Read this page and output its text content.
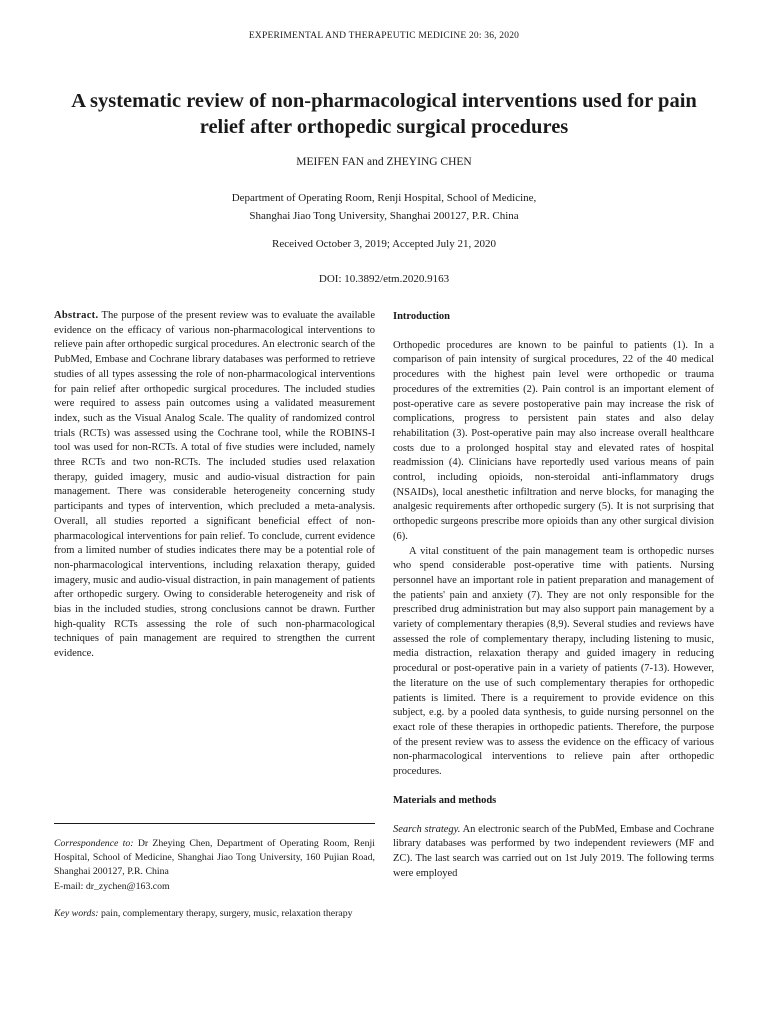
EXPERIMENTAL AND THERAPEUTIC MEDICINE 20: 36, 2020
A systematic review of non-pharmacological interventions used for pain relief after orthopedic surgical procedures
MEIFEN FAN and ZHEYING CHEN
Department of Operating Room, Renji Hospital, School of Medicine,
Shanghai Jiao Tong University, Shanghai 200127, P.R. China
Received October 3, 2019; Accepted July 21, 2020
DOI: 10.3892/etm.2020.9163

Abstract. The purpose of the present review was to evaluate the available evidence on the efficacy of various non-pharmacological interventions to relieve pain after orthopedic surgical procedures. An electronic search of the PubMed, Embase and Cochrane library databases was performed to retrieve studies of all types assessing the role of non-pharmacological interventions for pain relief after orthopedic surgical procedures. The included studies were required to assess pain outcomes using a validated measurement index, such as the Visual Analog Scale. The quality of randomized control trials (RCTs) was assessed using the Cochrane tool, while the ROBINS-I tool was used for non-RCTs. A total of five studies were included, namely three RCTs and two non-RCTs. The included studies used relaxation therapy, guided imagery, music and audio-visual distraction for pain management. There was considerable heterogeneity concerning study participants and types of intervention, which precluded a meta-analysis. Overall, all studies reported a significant beneficial effect of non-pharmacological interventions for pain relief. To conclude, current evidence from a limited number of studies indicates there may be a potential role of non-pharmacological interventions, including relaxation therapy, guided imagery, music and audio-visual distraction, in pain management of patients after orthopedic surgery. Owing to considerable heterogeneity and risk of bias in the included studies, strong conclusions cannot be drawn. Further high-quality RCTs assessing the role of such non-pharmacological techniques of pain management are required to strengthen the current evidence.

Correspondence to: Dr Zheying Chen, Department of Operating Room, Renji Hospital, School of Medicine, Shanghai Jiao Tong University, 160 Pujian Road, Shanghai 200127, P.R. China
E-mail: dr_zychen@163.com
Key words: pain, complementary therapy, surgery, music, relaxation therapy

Introduction

Orthopedic procedures are known to be painful to patients (1). In a comparison of pain intensity of surgical procedures, 22 of the 40 medical procedures with the highest pain level were orthopedic or trauma procedures of the extremities (2). Pain control is an important element of post-operative care as severe postoperative pain may increase the risk of complications, progress to persistent pain states and also delay rehabilitation (3). Post-operative pain may also increase overall healthcare costs due to a prolonged hospital stay and elevated rates of hospital readmission (4). Clinicians have reportedly used various means of pain control, including opioids, non-steroidal anti-inflammatory drugs (NSAIDs), local anesthetic infiltration and nerve blocks, for managing the analgesic requirements after orthopedic surgery (5). It is not surprising that orthopedic surgeons prescribe more opioids than any other surgical division (6).

A vital constituent of the pain management team is orthopedic nurses who spend considerable post-operative time with patients. Nursing personnel have an important role in patient preparation and management of the patients' pain and anxiety (7). They are not only responsible for the prescribed drug administration but may also support pain management by a variety of complementary therapies (8,9). Several studies and reviews have assessed the role of complementary therapy, including listening to music, media distraction, relaxation therapy and guided imagery in reducing procedural or post-operative pain in a variety of patients (7-13). However, the literature on the use of such complementary therapies for orthopedic patients is limited. There is a requirement to provide evidence on this subject, e.g. by a pooled data synthesis, to guide nursing personnel on the exact role of these therapies in orthopedic patients. Therefore, the purpose of the present review was to assess the evidence on the efficacy of various non-pharmacological interventions to relieve pain after orthopedic procedures.

Materials and methods

Search strategy. An electronic search of the PubMed, Embase and Cochrane library databases was performed by two independent reviewers (MF and ZC). The last search was carried out on 1st July 2019. The following terms were employed
